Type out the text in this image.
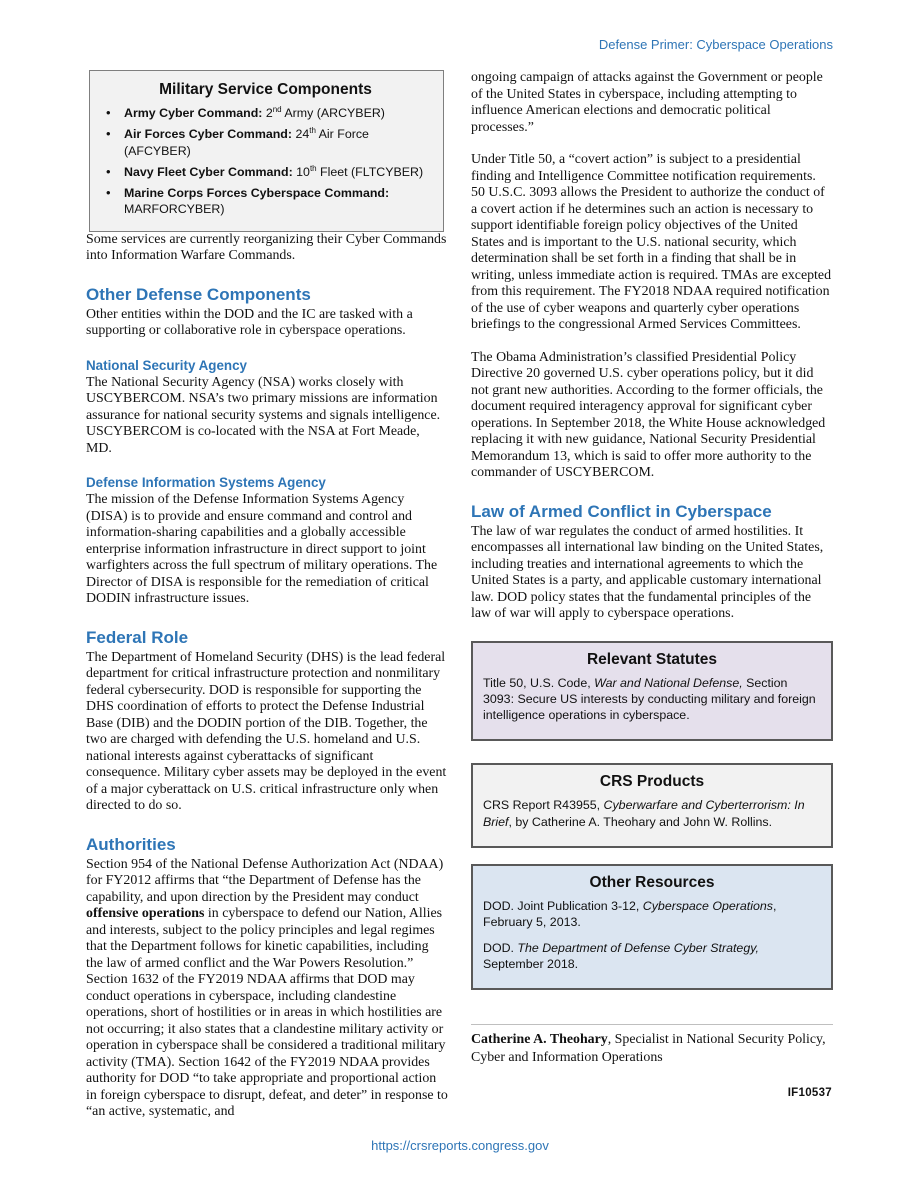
Defense Primer: Cyberspace Operations

Military Service Components

• Army Cyber Command: 2nd Army (ARCYBER)
• Air Forces Cyber Command: 24th Air Force (AFCYBER)
• Navy Fleet Cyber Command: 10th Fleet (FLTCYBER)
• Marine Corps Forces Cyberspace Command: MARFORCYBER)

Some services are currently reorganizing their Cyber Commands into Information Warfare Commands.

Other Defense Components

Other entities within the DOD and the IC are tasked with a supporting or collaborative role in cyberspace operations.

National Security Agency

The National Security Agency (NSA) works closely with USCYBERCOM. NSA’s two primary missions are information assurance for national security systems and signals intelligence. USCYBERCOM is co-located with the NSA at Fort Meade, MD.

Defense Information Systems Agency

The mission of the Defense Information Systems Agency (DISA) is to provide and ensure command and control and information-sharing capabilities and a globally accessible enterprise information infrastructure in direct support to joint warfighters across the full spectrum of military operations. The Director of DISA is responsible for the remediation of critical DODIN infrastructure issues.

Federal Role

The Department of Homeland Security (DHS) is the lead federal department for critical infrastructure protection and nonmilitary federal cybersecurity. DOD is responsible for supporting the DHS coordination of efforts to protect the Defense Industrial Base (DIB) and the DODIN portion of the DIB. Together, the two are charged with defending the U.S. homeland and U.S. national interests against cyberattacks of significant consequence. Military cyber assets may be deployed in the event of a major cyberattack on U.S. critical infrastructure only when directed to do so.

Authorities

Section 954 of the National Defense Authorization Act (NDAA) for FY2012 affirms that “the Department of Defense has the capability, and upon direction by the President may conduct offensive operations in cyberspace to defend our Nation, Allies and interests, subject to the policy principles and legal regimes that the Department follows for kinetic capabilities, including the law of armed conflict and the War Powers Resolution.” Section 1632 of the FY2019 NDAA affirms that DOD may conduct operations in cyberspace, including clandestine operations, short of hostilities or in areas in which hostilities are not occurring; it also states that a clandestine military activity or operation in cyberspace shall be considered a traditional military activity (TMA). Section 1642 of the FY2019 NDAA provides authority for DOD “to take appropriate and proportional action in foreign cyberspace to disrupt, defeat, and deter” in response to “an active, systematic, and

ongoing campaign of attacks against the Government or people of the United States in cyberspace, including attempting to influence American elections and democratic political processes.”

Under Title 50, a “covert action” is subject to a presidential finding and Intelligence Committee notification requirements. 50 U.S.C. 3093 allows the President to authorize the conduct of a covert action if he determines such an action is necessary to support identifiable foreign policy objectives of the United States and is important to the U.S. national security, which determination shall be set forth in a finding that shall be in writing, unless immediate action is required. TMAs are excepted from this requirement. The FY2018 NDAA required notification of the use of cyber weapons and quarterly cyber operations briefings to the congressional Armed Services Committees.

The Obama Administration’s classified Presidential Policy Directive 20 governed U.S. cyber operations policy, but it did not grant new authorities. According to the former officials, the document required interagency approval for significant cyber operations. In September 2018, the White House acknowledged replacing it with new guidance, National Security Presidential Memorandum 13, which is said to offer more authority to the commander of USCYBERCOM.

Law of Armed Conflict in Cyberspace

The law of war regulates the conduct of armed hostilities. It encompasses all international law binding on the United States, including treaties and international agreements to which the United States is a party, and applicable customary international law. DOD policy states that the fundamental principles of the law of war will apply to cyberspace operations.

Relevant Statutes

Title 50, U.S. Code, War and National Defense, Section 3093: Secure US interests by conducting military and foreign intelligence operations in cyberspace.

CRS Products

CRS Report R43955, Cyberwarfare and Cyberterrorism: In Brief, by Catherine A. Theohary and John W. Rollins.

Other Resources

DOD. Joint Publication 3-12, Cyberspace Operations, February 5, 2013.

DOD. The Department of Defense Cyber Strategy, September 2018.

Catherine A. Theohary, Specialist in National Security Policy, Cyber and Information Operations

IF10537
https://crsreports.congress.gov
